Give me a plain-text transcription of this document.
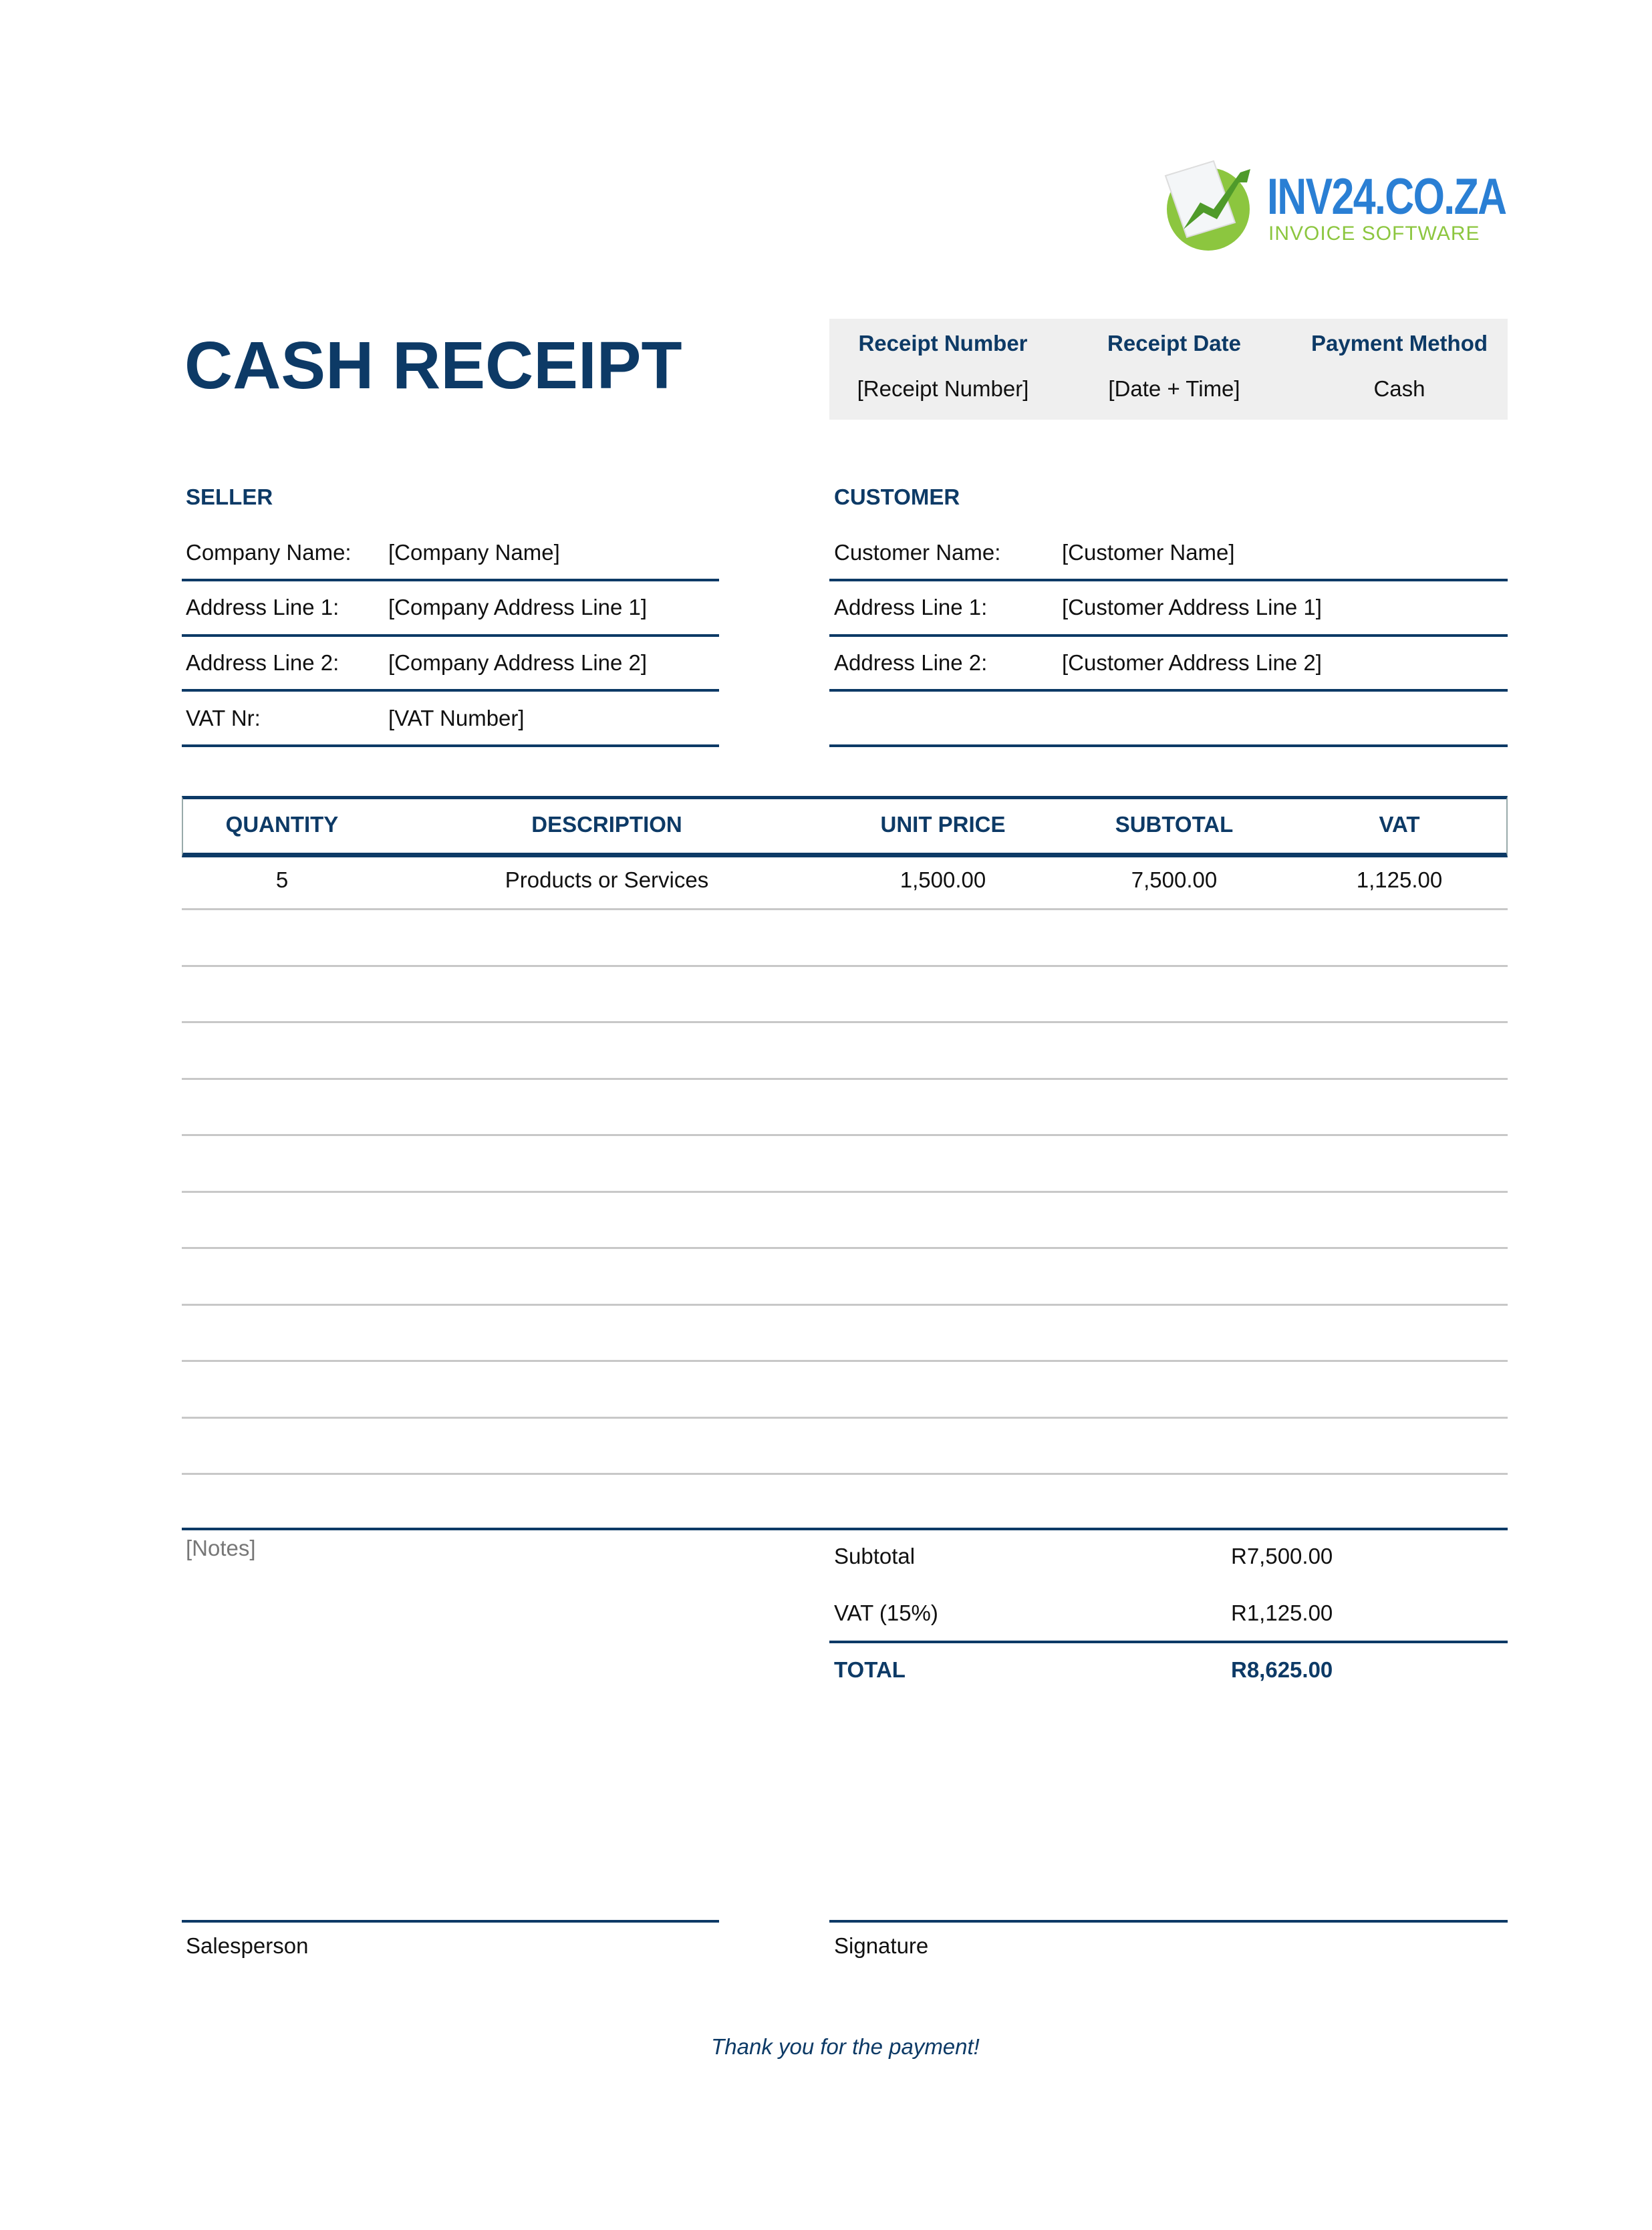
INV24.CO.ZA
INVOICE SOFTWARE
CASH RECEIPT	Receipt Number	Receipt Date	Payment Method
[Receipt Number]	[Date + Time]	Cash
SELLER
Company Name: [Company Name]
Address Line 1: [Company Address Line 1]
Address Line 2: [Company Address Line 2]
VAT Nr:	[VAT Number]
CUSTOMER
Customer Name:	[Customer Name]
Address Line 1:	[Customer Address Line 1]
Address Line 2:	[Customer Address Line 2]
QUANTITY	DESCRIPTION	UNIT PRICE	SUBTOTAL	VAT
5	Products or Services	1,500.00	7,500.00	1,125.00
[Notes]	Subtotal	R7,500.00
VAT (15%)	R1,125.00
TOTAL	R8,625.00
Salesperson	Signature
Thank you for the payment!
